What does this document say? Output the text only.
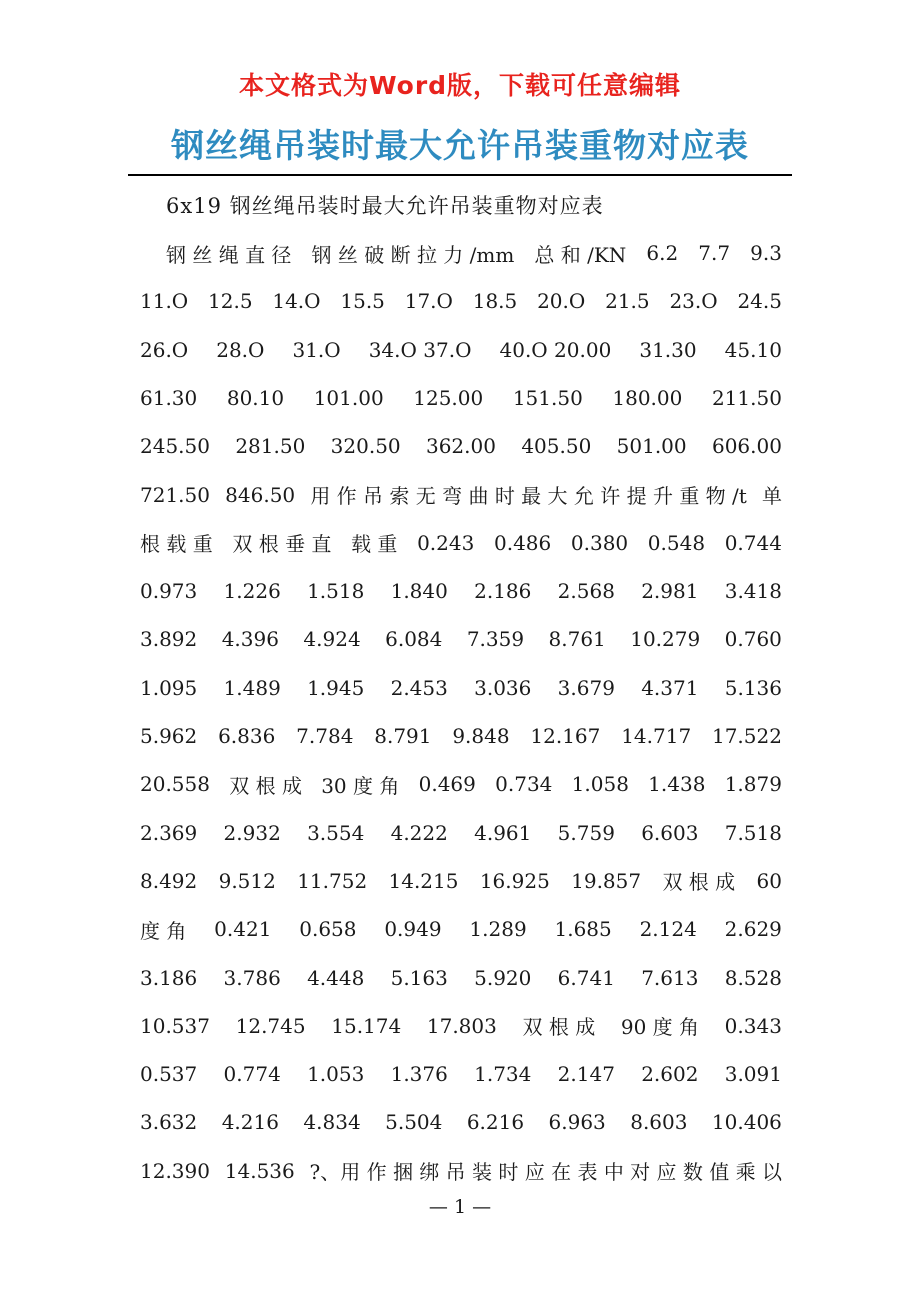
本文格式为Word版，下载可任意编辑
钢丝绳吊装时最大允许吊装重物对应表
6x19 钢丝绳吊装时最大允许吊装重物对应表
钢 丝 绳 直 径 钢 丝 破 断 拉 力 /mm 总 和 /KN 6.2 7.7 9.3
11.O 12.5 14.O 15.5 17.O 18.5 20.O 21.5 23.O 24.5
26.O 28.O 31.O 34.O 37.O 40.O 20.00 31.30 45.10
61.30 80.10 101.00 125.00 151.50 180.00 211.50
245.50 281.50 320.50 362.00 405.50 501.00 606.00
721.50 846.50 用 作 吊 索 无 弯 曲 时 最 大 允 许 提 升 重 物 /t 单
根 载 重 双 根 垂 直 载 重 0.243 0.486 0.380 0.548 0.744
0.973 1.226 1.518 1.840 2.186 2.568 2.981 3.418
3.892 4.396 4.924 6.084 7.359 8.761 10.279 0.760
1.095 1.489 1.945 2.453 3.036 3.679 4.371 5.136
5.962 6.836 7.784 8.791 9.848 12.167 14.717 17.522
20.558 双 根 成 30 度 角 0.469 0.734 1.058 1.438 1.879
2.369 2.932 3.554 4.222 4.961 5.759 6.603 7.518
8.492 9.512 11.752 14.215 16.925 19.857 双 根 成 60
度 角 0.421 0.658 0.949 1.289 1.685 2.124 2.629
3.186 3.786 4.448 5.163 5.920 6.741 7.613 8.528
10.537 12.745 15.174 17.803 双 根 成 90 度 角 0.343
0.537 0.774 1.053 1.376 1.734 2.147 2.602 3.091
3.632 4.216 4.834 5.504 6.216 6.963 8.603 10.406
12.390 14.536 ?、用 作 捆 绑 吊 装 时 应 在 表 中 对 应 数 值 乘 以
— 1 —
